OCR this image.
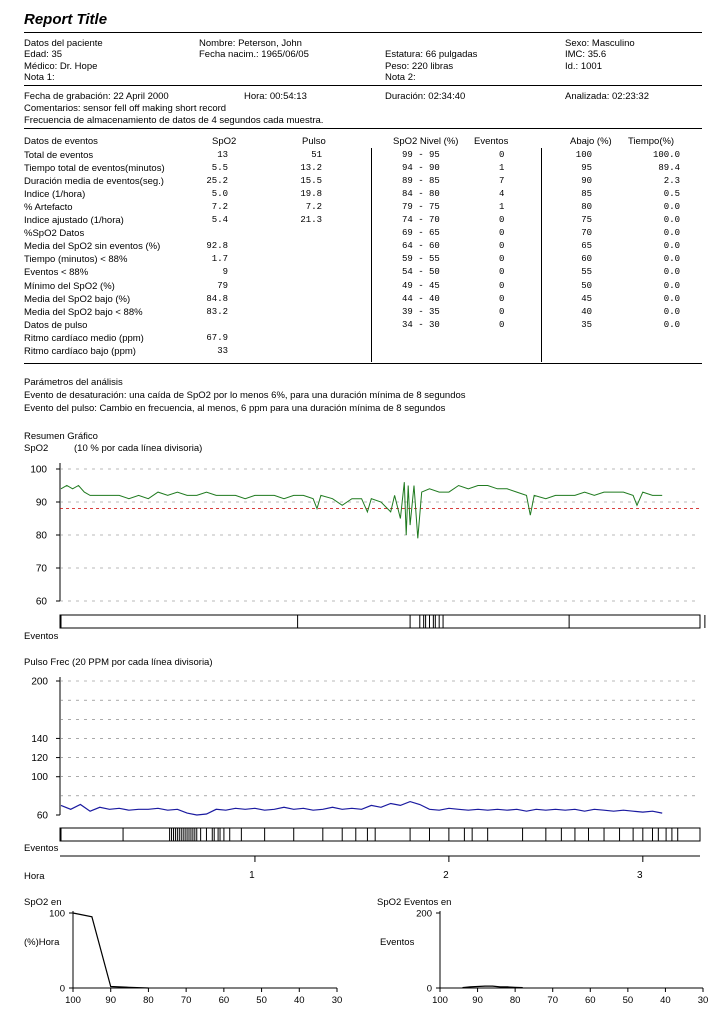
Report Title
Datos del paciente	Nombre: Peterson, John	Sexo: Masculino
Edad: 35	Fecha nacim.: 1965/06/05	Estatura: 66 pulgadas	IMC: 35.6
Médico: Dr. Hope	Peso: 220 libras	Id.: 1001
Nota 1:	Nota 2:
Fecha de grabación: 22 April 2000	Hora: 00:54:13	Duración: 02:34:40	Analizada: 02:23:32
Comentarios: sensor fell off making short record
Frecuencia de almacenamiento de datos de 4 segundos cada muestra.
Datos de eventos	SpO2	Pulso
Total de eventos	13	51
Tiempo total de eventos(minutos)	5.5	13.2
Duración media de eventos(seg.)	25.2	15.5
Indice (1/hora)	5.0	19.8
% Artefacto	7.2	7.2
Indice ajustado (1/hora)	5.4	21.3
%SpO2 Datos
Media del SpO2 sin eventos (%)	92.8
Tiempo (minutos) < 88%	1.7
Eventos < 88%	9
Mínimo del SpO2 (%)	79
Media del SpO2 bajo (%)	84.8
Media del SpO2 bajo < 88%	83.2
Datos de pulso
Ritmo cardíaco medio (ppm)	67.9
Ritmo cardíaco bajo (ppm)	33
SpO2 Nivel (%) Eventos
99 - 95	0
94 - 90	1
89 - 85	7
84 - 80	4
79 - 75	1
74 - 70	0
69 - 65	0
64 - 60	0
59 - 55	0
54 - 50	0
49 - 45	0
44 - 40	0
39 - 35	0
34 - 30	0
Abajo (%) Tiempo(%)
100	100.0
95	89.4
90	2.3
85	0.5
80	0.0
75	0.0
70	0.0
65	0.0
60	0.0
55	0.0
50	0.0
45	0.0
40	0.0
35	0.0
Parámetros del análisis
Evento de desaturación: una caída de SpO2 por lo menos 6%, para una duración mínima de 8 segundos
Evento del pulso: Cambio en frecuencia, al menos, 6 ppm para una duración mínima de 8 segundos
Resumen Gráfico
SpO2	(10 % por cada línea divisoria)
Pulso Frec (20 PPM por cada línea divisoria)
100
90
80
70
60
200
140
120
100
60
1	2	3
100
0
100	90	80	70	60	50	40	30
200
0
100	90	80	70	60	50	40	30
Eventos
Eventos
Hora
SpO2 en
(%)Hora
SpO2 Eventos en
Eventos
